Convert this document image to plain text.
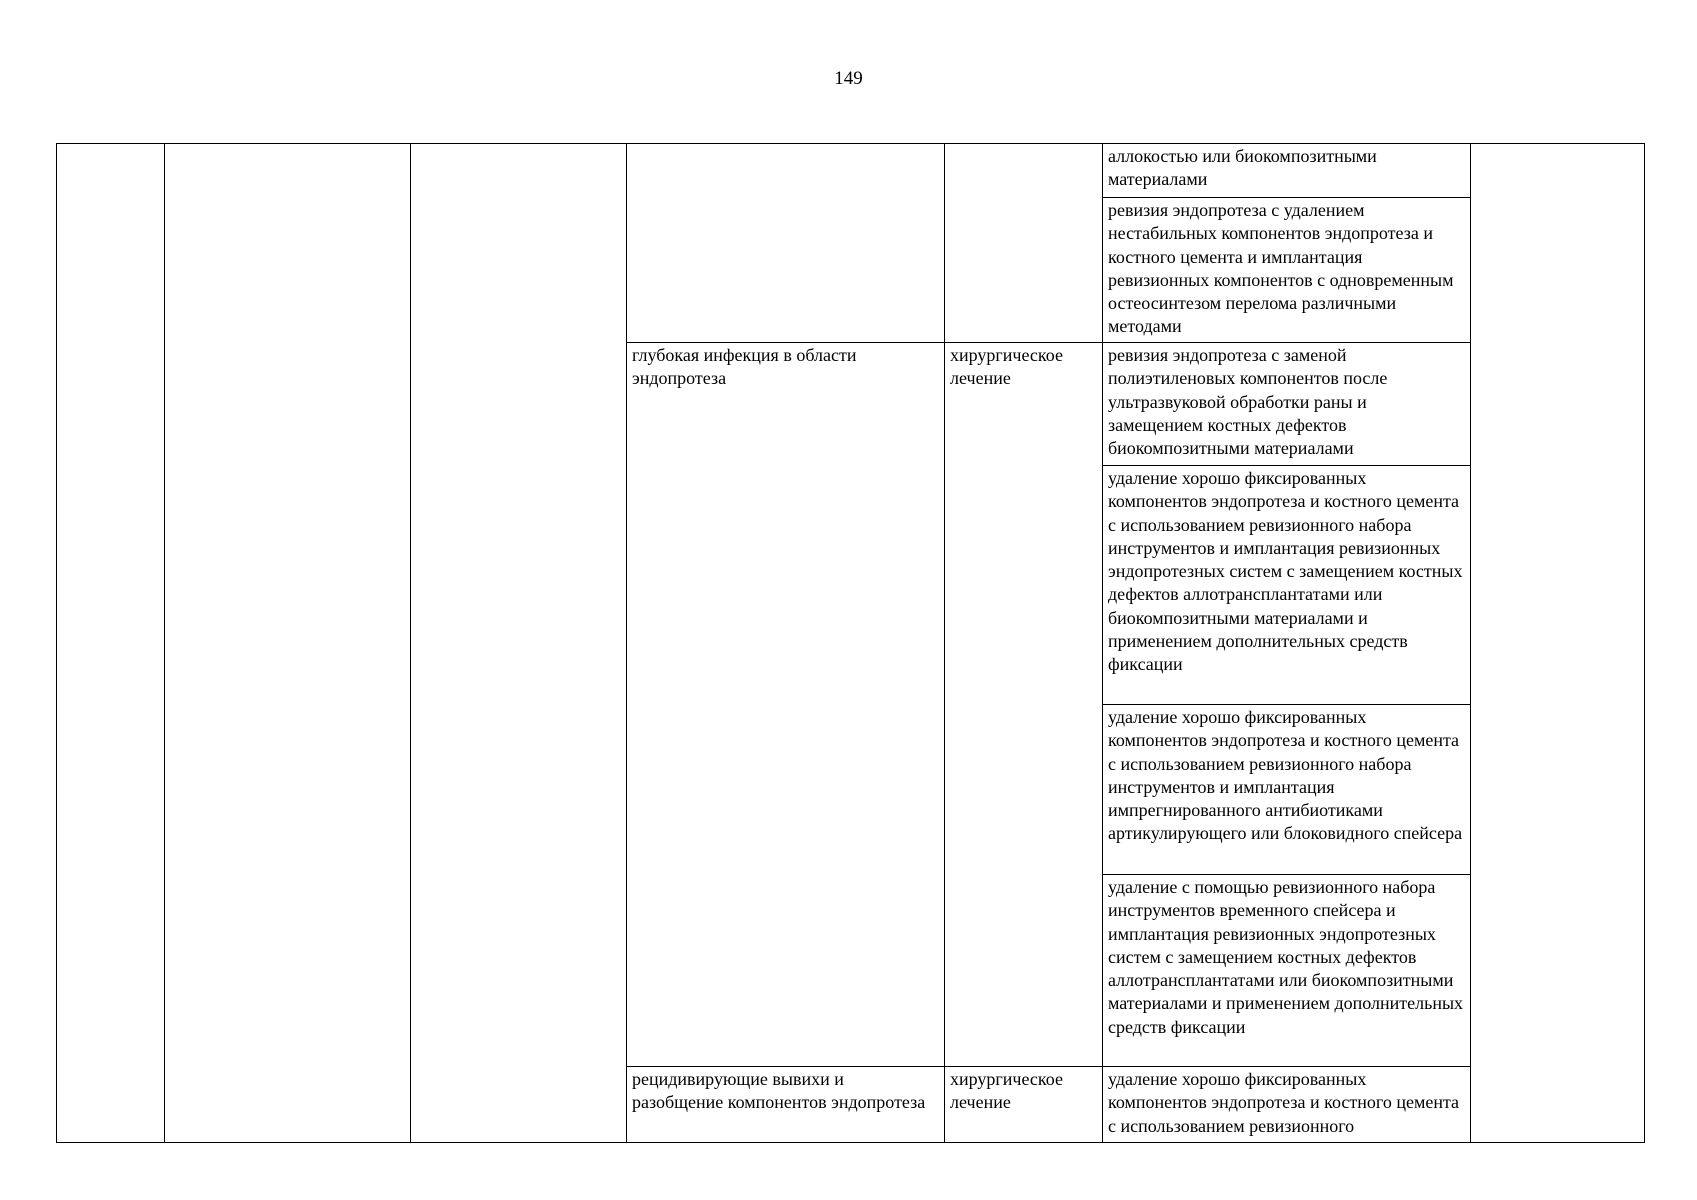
149
					аллокостью или биокомпозитными материалами	
					ревизия эндопротеза с удалением нестабильных компонентов эндопротеза и костного цемента и имплантация ревизионных компонентов с одновременным остеосинтезом перелома различными методами	
			глубокая инфекция в области эндопротеза	хирургическое лечение	ревизия эндопротеза с заменой полиэтиленовых компонентов после ультразвуковой обработки раны и замещением костных дефектов биокомпозитными материалами	
					удаление хорошо фиксированных компонентов эндопротеза и костного цемента с использованием ревизионного набора инструментов и имплантация ревизионных эндопротезных систем с замещением костных дефектов аллотрансплантатами или биокомпозитными материалами и применением дополнительных средств фиксации	
					удаление хорошо фиксированных компонентов эндопротеза и костного цемента с использованием ревизионного набора инструментов и имплантация импрегнированного антибиотиками артикулирующего или блоковидного спейсера	
					удаление с помощью ревизионного набора инструментов временного спейсера и имплантация ревизионных эндопротезных систем с замещением костных дефектов аллотрансплантатами или биокомпозитными материалами и применением дополнительных средств фиксации	
			рецидивирующие вывихи и разобщение компонентов эндопротеза	хирургическое лечение	удаление хорошо фиксированных компонентов эндопротеза и костного цемента с использованием ревизионного	
